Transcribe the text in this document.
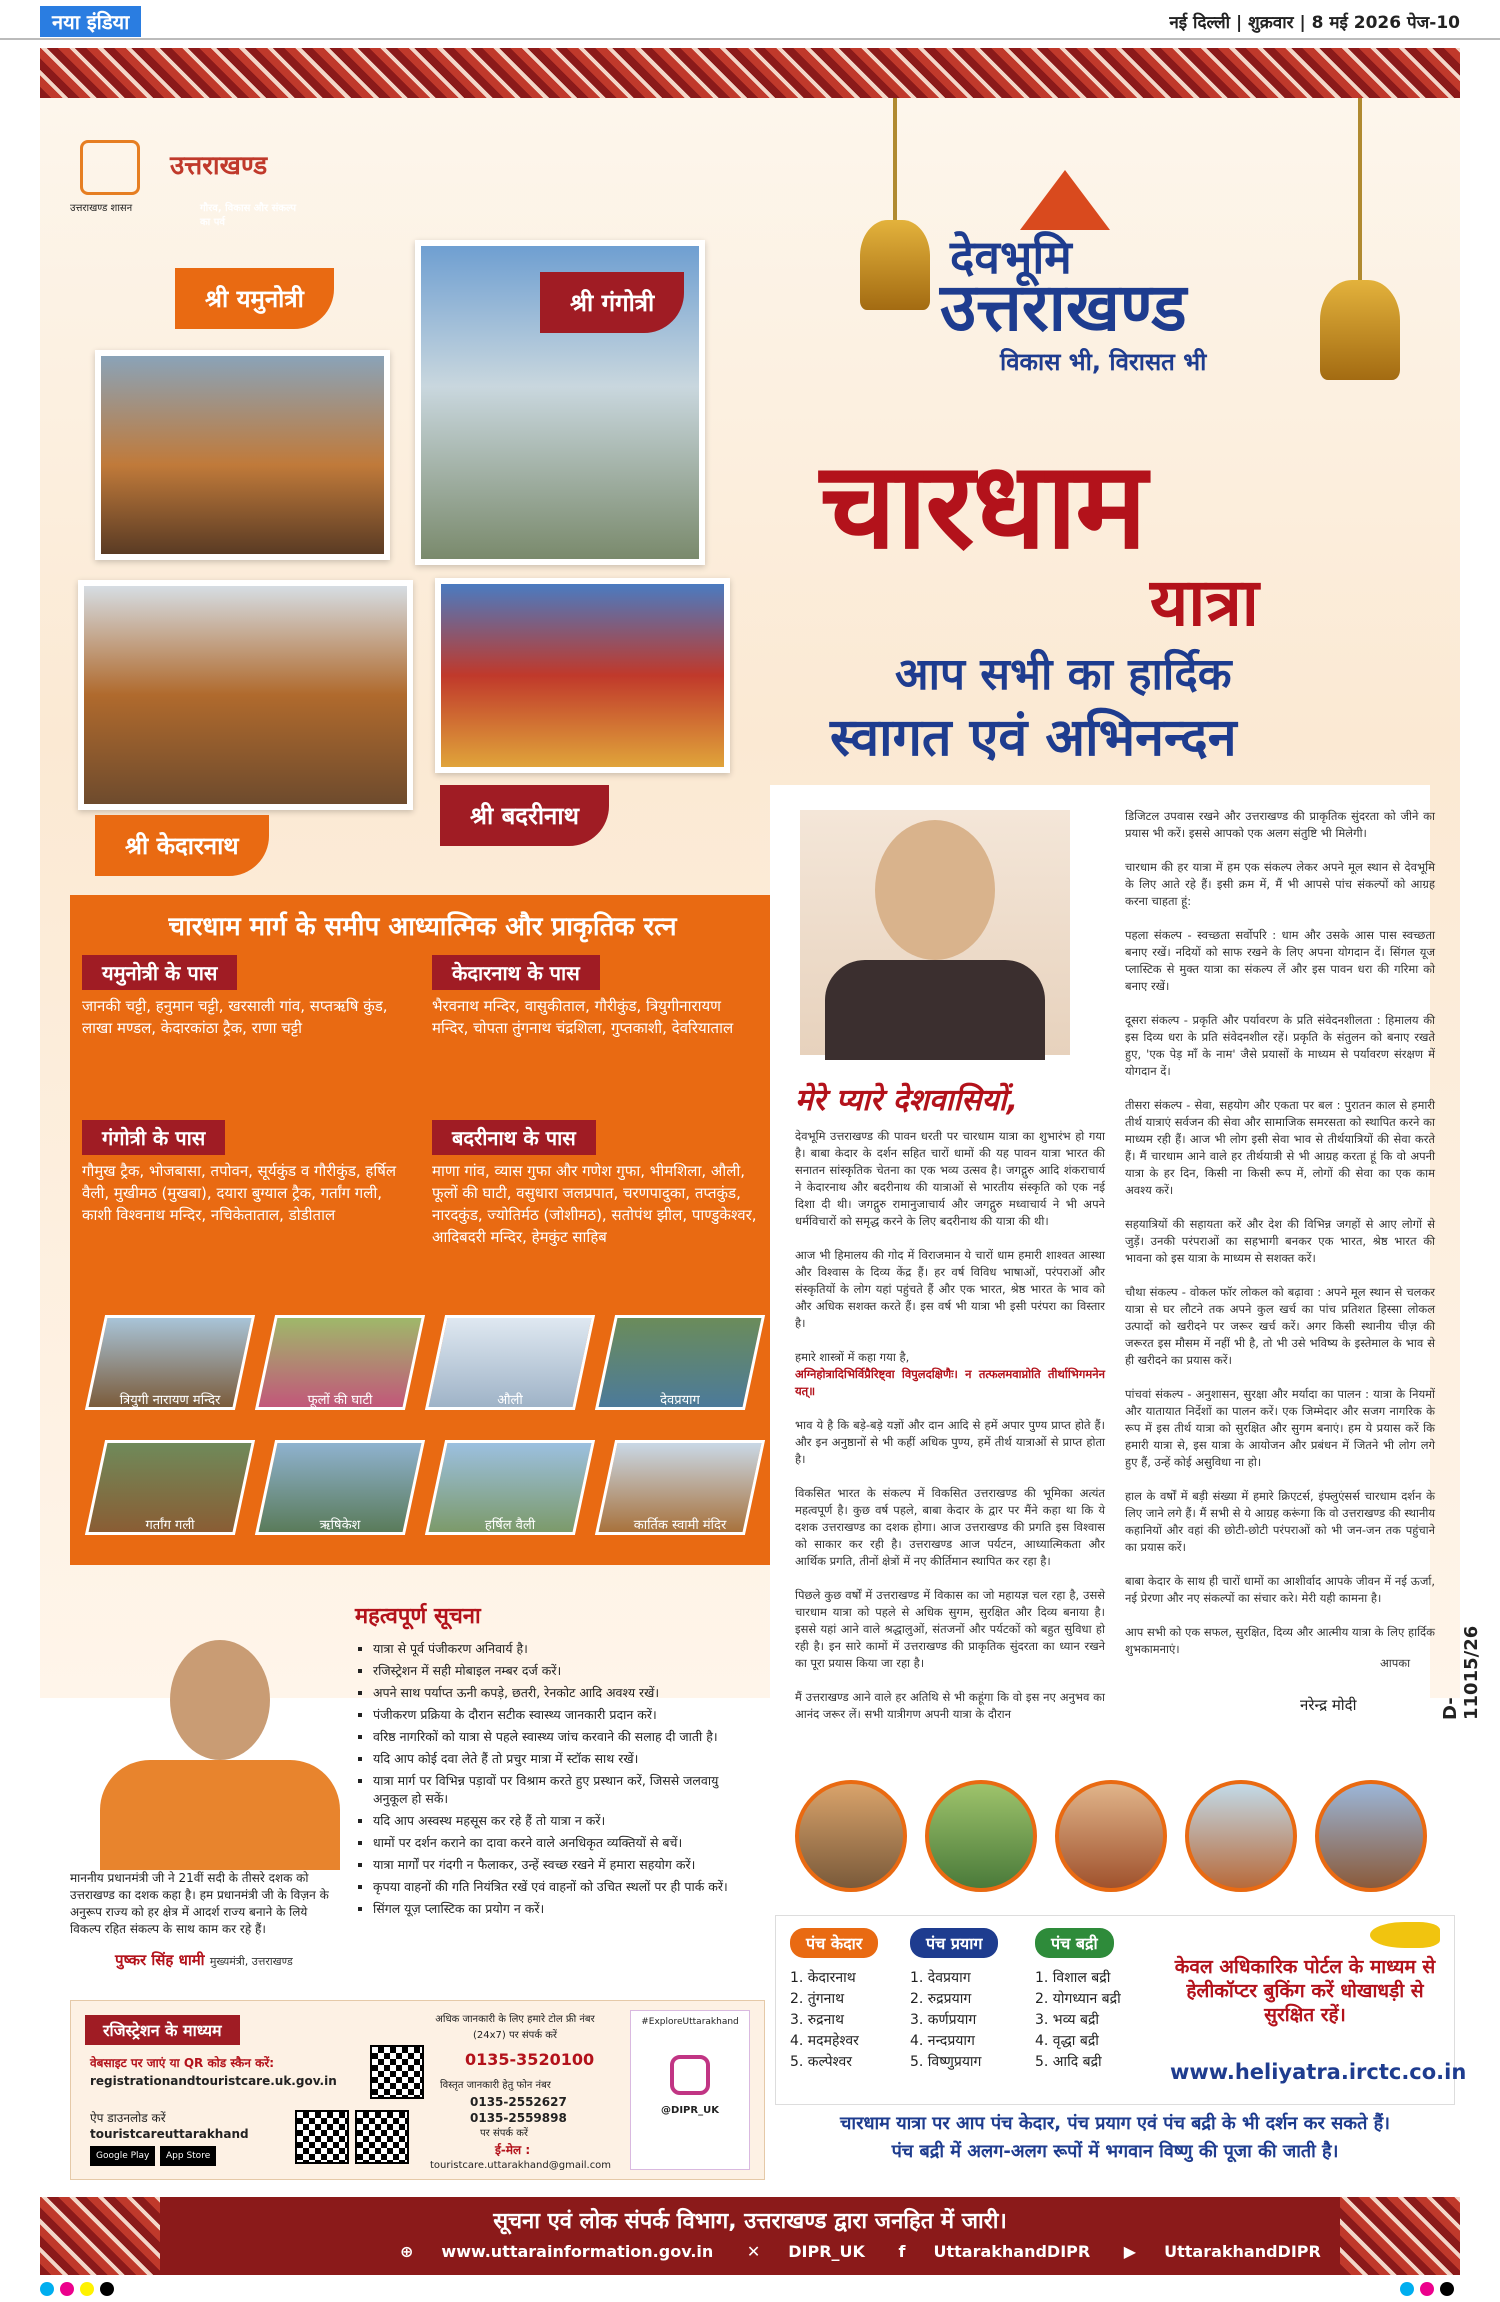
नया इंडिया	नई दिल्ली | शुक्रवार | 8 मई 2026 पेज-10
उत्तराखण्ड शासन
उत्तराखण्ड
गौरव, विकास और संकल्प का पर्व
देवभूमि
उत्तराखण्ड
विकास भी, विरासत भी
चारधाम
यात्रा
आप सभी का हार्दिक
स्वागत एवं अभिनन्दन
श्री यमुनोत्री	श्री गंगोत्री
श्री केदारनाथ
श्री बदरीनाथ
चारधाम मार्ग के समीप आध्यात्मिक और प्राकृतिक रत्न
यमुनोत्री के पास
जानकी चट्टी, हनुमान चट्टी, खरसाली गांव, सप्तऋषि कुंड, लाखा मण्डल, केदारकांठा ट्रैक, राणा चट्टी
केदारनाथ के पास
भैरवनाथ मन्दिर, वासुकीताल, गौरीकुंड, त्रियुगीनारायण मन्दिर, चोपता तुंगनाथ चंद्रशिला, गुप्तकाशी, देवरियाताल
गंगोत्री के पास
गौमुख ट्रैक, भोजबासा, तपोवन, सूर्यकुंड व गौरीकुंड, हर्षिल वैली, मुखीमठ (मुखबा), दयारा बुग्याल ट्रैक, गर्तांग गली, काशी विश्वनाथ मन्दिर, नचिकेताताल, डोडीताल
बदरीनाथ के पास
माणा गांव, व्यास गुफा और गणेश गुफा, भीमशिला, औली, फूलों की घाटी, वसुधारा जलप्रपात, चरणपादुका, तप्तकुंड, नारदकुंड, ज्योतिर्मठ (जोशीमठ), सतोपंथ झील, पाण्डुकेश्वर, आदिबदरी मन्दिर, हेमकुंट साहिब
त्रियुगी नारायण मन्दिर	फूलों की घाटी	औली	देवप्रयाग
गर्तांग गली	ऋषिकेश	हर्षिल वैली	कार्तिक स्वामी मंदिर
मेरे प्यारे देशवासियों,

देवभूमि उत्तराखण्ड की पावन धरती पर चारधाम यात्रा का शुभारंभ हो गया है। बाबा केदार के दर्शन सहित चारों धामों की यह पावन यात्रा भारत की सनातन सांस्कृतिक चेतना का एक भव्य उत्सव है। जगद्गुरु आदि शंकराचार्य ने केदारनाथ और बदरीनाथ की यात्राओं से भारतीय संस्कृति को एक नई दिशा दी थी। जगद्गुरु रामानुजाचार्य और जगद्गुरु मध्वाचार्य ने भी अपने धर्मविचारों को समृद्ध करने के लिए बदरीनाथ की यात्रा की थी।

आज भी हिमालय की गोद में विराजमान ये चारों धाम हमारी शाश्वत आस्था और विश्वास के दिव्य केंद्र हैं। हर वर्ष विविध भाषाओं, परंपराओं और संस्कृतियों के लोग यहां पहुंचते हैं और एक भारत, श्रेष्ठ भारत के भाव को और अधिक सशक्त करते हैं। इस वर्ष भी यात्रा भी इसी परंपरा का विस्तार है।

हमारे शास्त्रों में कहा गया है,

अग्निहोत्रादिभिर्विप्रैरिष्ट्वा विपुलदक्षिणैः। न तत्फलमवाप्नोति तीर्थाभिगमनेन यत्॥

भाव ये है कि बड़े-बड़े यज्ञों और दान आदि से हमें अपार पुण्य प्राप्त होते हैं। और इन अनुष्ठानों से भी कहीं अधिक पुण्य, हमें तीर्थ यात्राओं से प्राप्त होता है।

विकसित भारत के संकल्प में विकसित उत्तराखण्ड की भूमिका अत्यंत महत्वपूर्ण है। कुछ वर्ष पहले, बाबा केदार के द्वार पर मैंने कहा था कि ये दशक उत्तराखण्ड का दशक होगा। आज उत्तराखण्ड की प्रगति इस विश्वास को साकार कर रही है। उत्तराखण्ड आज पर्यटन, आध्यात्मिकता और आर्थिक प्रगति, तीनों क्षेत्रों में नए कीर्तिमान स्थापित कर रहा है।

पिछले कुछ वर्षों में उत्तराखण्ड में विकास का जो महायज्ञ चल रहा है, उससे चारधाम यात्रा को पहले से अधिक सुगम, सुरक्षित और दिव्य बनाया है। इससे यहां आने वाले श्रद्धालुओं, संतजनों और पर्यटकों को बहुत सुविधा हो रही है। इन सारे कामों में उत्तराखण्ड की प्राकृतिक सुंदरता का ध्यान रखने का पूरा प्रयास किया जा रहा है।

मैं उत्तराखण्ड आने वाले हर अतिथि से भी कहूंगा कि वो इस नए अनुभव का आनंद जरूर लें। सभी यात्रीगण अपनी यात्रा के दौरान

डिजिटल उपवास रखने और उत्तराखण्ड की प्राकृतिक सुंदरता को जीने का प्रयास भी करें। इससे आपको एक अलग संतुष्टि भी मिलेगी।

चारधाम की हर यात्रा में हम एक संकल्प लेकर अपने मूल स्थान से देवभूमि के लिए आते रहे हैं। इसी क्रम में, मैं भी आपसे पांच संकल्पों को आग्रह करना चाहता हूं:

पहला संकल्प - स्वच्छता सर्वोपरि : धाम और उसके आस पास स्वच्छता बनाए रखें। नदियों को साफ रखने के लिए अपना योगदान दें। सिंगल यूज प्लास्टिक से मुक्त यात्रा का संकल्प लें और इस पावन धरा की गरिमा को बनाए रखें।

दूसरा संकल्प - प्रकृति और पर्यावरण के प्रति संवेदनशीलता : हिमालय की इस दिव्य धरा के प्रति संवेदनशील रहें। प्रकृति के संतुलन को बनाए रखते हुए, 'एक पेड़ माँ के नाम' जैसे प्रयासों के माध्यम से पर्यावरण संरक्षण में योगदान दें।

तीसरा संकल्प - सेवा, सहयोग और एकता पर बल : पुरातन काल से हमारी तीर्थ यात्राएं सर्वजन की सेवा और सामाजिक समरसता को स्थापित करने का माध्यम रही हैं। आज भी लोग इसी सेवा भाव से तीर्थयात्रियों की सेवा करते हैं। मैं चारधाम आने वाले हर तीर्थयात्री से भी आग्रह करता हूं कि वो अपनी यात्रा के हर दिन, किसी ना किसी रूप में, लोगों की सेवा का एक काम अवश्य करें।

सहयात्रियों की सहायता करें और देश की विभिन्न जगहों से आए लोगों से जुड़ें। उनकी परंपराओं का सहभागी बनकर एक भारत, श्रेष्ठ भारत की भावना को इस यात्रा के माध्यम से सशक्त करें।

चौथा संकल्प - वोकल फॉर लोकल को बढ़ावा : अपने मूल स्थान से चलकर यात्रा से घर लौटने तक अपने कुल खर्च का पांच प्रतिशत हिस्सा लोकल उत्पादों को खरीदने पर जरूर खर्च करें। अगर किसी स्थानीय चीज़ की जरूरत इस मौसम में नहीं भी है, तो भी उसे भविष्य के इस्तेमाल के भाव से ही खरीदने का प्रयास करें।

पांचवां संकल्प - अनुशासन, सुरक्षा और मर्यादा का पालन : यात्रा के नियमों और यातायात निर्देशों का पालन करें। एक जिम्मेदार और सजग नागरिक के रूप में इस तीर्थ यात्रा को सुरक्षित और सुगम बनाएं। हम ये प्रयास करें कि हमारी यात्रा से, इस यात्रा के आयोजन और प्रबंधन में जितने भी लोग लगे हुए हैं, उन्हें कोई असुविधा ना हो।

हाल के वर्षों में बड़ी संख्या में हमारे क्रिएटर्स, इंफ्लुएंसर्स चारधाम दर्शन के लिए जाने लगे हैं। मैं सभी से ये आग्रह करूंगा कि वो उत्तराखण्ड की स्थानीय कहानियों और वहां की छोटी-छोटी परंपराओं को भी जन-जन तक पहुंचाने का प्रयास करें।

बाबा केदार के साथ ही चारों धामों का आशीर्वाद आपके जीवन में नई ऊर्जा, नई प्रेरणा और नए संकल्पों का संचार करे। मेरी यही कामना है।

आप सभी को एक सफल, सुरक्षित, दिव्य और आत्मीय यात्रा के लिए हार्दिक शुभकामनाएं।

आपका
नरेन्द्र मोदी	D-11015/26
पंच केदार
1. केदारनाथ
2. तुंगनाथ
3. रुद्रनाथ
4. मदमहेश्वर
5. कल्पेश्वर
पंच प्रयाग
1. देवप्रयाग
2. रुद्रप्रयाग
3. कर्णप्रयाग
4. नन्दप्रयाग
5. विष्णुप्रयाग
पंच बद्री
1. विशाल बद्री
2. योगध्यान बद्री
3. भव्य बद्री
4. वृद्धा बद्री
5. आदि बद्री
केवल अधिकारिक पोर्टल के माध्यम से हेलीकॉप्टर बुकिंग करें धोखाधड़ी से सुरक्षित रहें।
www.heliyatra.irctc.co.in
चारधाम यात्रा पर आप पंच केदार, पंच प्रयाग एवं पंच बद्री के भी दर्शन कर सकते हैं।
पंच बद्री में अलग-अलग रूपों में भगवान विष्णु की पूजा की जाती है।
माननीय प्रधानमंत्री जी ने 21वीं सदी के तीसरे दशक को उत्तराखण्ड का दशक कहा है। हम प्रधानमंत्री जी के विज़न के अनुरूप राज्य को हर क्षेत्र में आदर्श राज्य बनाने के लिये विकल्प रहित संकल्प के साथ काम कर रहे हैं।
पुष्कर सिंह धामी मुख्यमंत्री, उत्तराखण्ड
महत्वपूर्ण सूचना
▪ यात्रा से पूर्व पंजीकरण अनिवार्य है।
▪ रजिस्ट्रेशन में सही मोबाइल नम्बर दर्ज करें।
▪ अपने साथ पर्याप्त ऊनी कपड़े, छतरी, रेनकोट आदि अवश्य रखें।
▪ पंजीकरण प्रक्रिया के दौरान सटीक स्वास्थ्य जानकारी प्रदान करें।
▪ वरिष्ठ नागरिकों को यात्रा से पहले स्वास्थ्य जांच करवाने की सलाह दी जाती है।
▪ यदि आप कोई दवा लेते हैं तो प्रचुर मात्रा में स्टॉक साथ रखें।
▪ यात्रा मार्ग पर विभिन्न पड़ावों पर विश्राम करते हुए प्रस्थान करें, जिससे जलवायु अनुकूल हो सकें।
▪ यदि आप अस्वस्थ महसूस कर रहे हैं तो यात्रा न करें।
▪ धामों पर दर्शन कराने का दावा करने वाले अनधिकृत व्यक्तियों से बचें।
▪ यात्रा मार्गों पर गंदगी न फैलाकर, उन्हें स्वच्छ रखने में हमारा सहयोग करें।
▪ कृपया वाहनों की गति नियंत्रित रखें एवं वाहनों को उचित स्थलों पर ही पार्क करें।
▪ सिंगल यूज़ प्लास्टिक का प्रयोग न करें।
रजिस्ट्रेशन के माध्यम
वेबसाइट पर जाएं या QR कोड स्कैन करें:
registrationandtouristcare.uk.gov.in
ऐप डाउनलोड करें
touristcareuttarakhand
Google Play	App Store
अधिक जानकारी के लिए हमारे टोल फ्री नंबर (24x7) पर संपर्क करें
0135-3520100
विस्तृत जानकारी हेतु फोन नंबर
0135-2552627
0135-2559898
पर संपर्क करें
ई-मेल :
touristcare.uttarakhand@gmail.com
#ExploreUttarakhand
@DIPR_UK
सूचना एवं लोक संपर्क विभाग, उत्तराखण्ड द्वारा जनहित में जारी।
⊕ www.uttarainformation.gov.in ✕ DIPR_UK f UttarakhandDIPR ▶ UttarakhandDIPR
